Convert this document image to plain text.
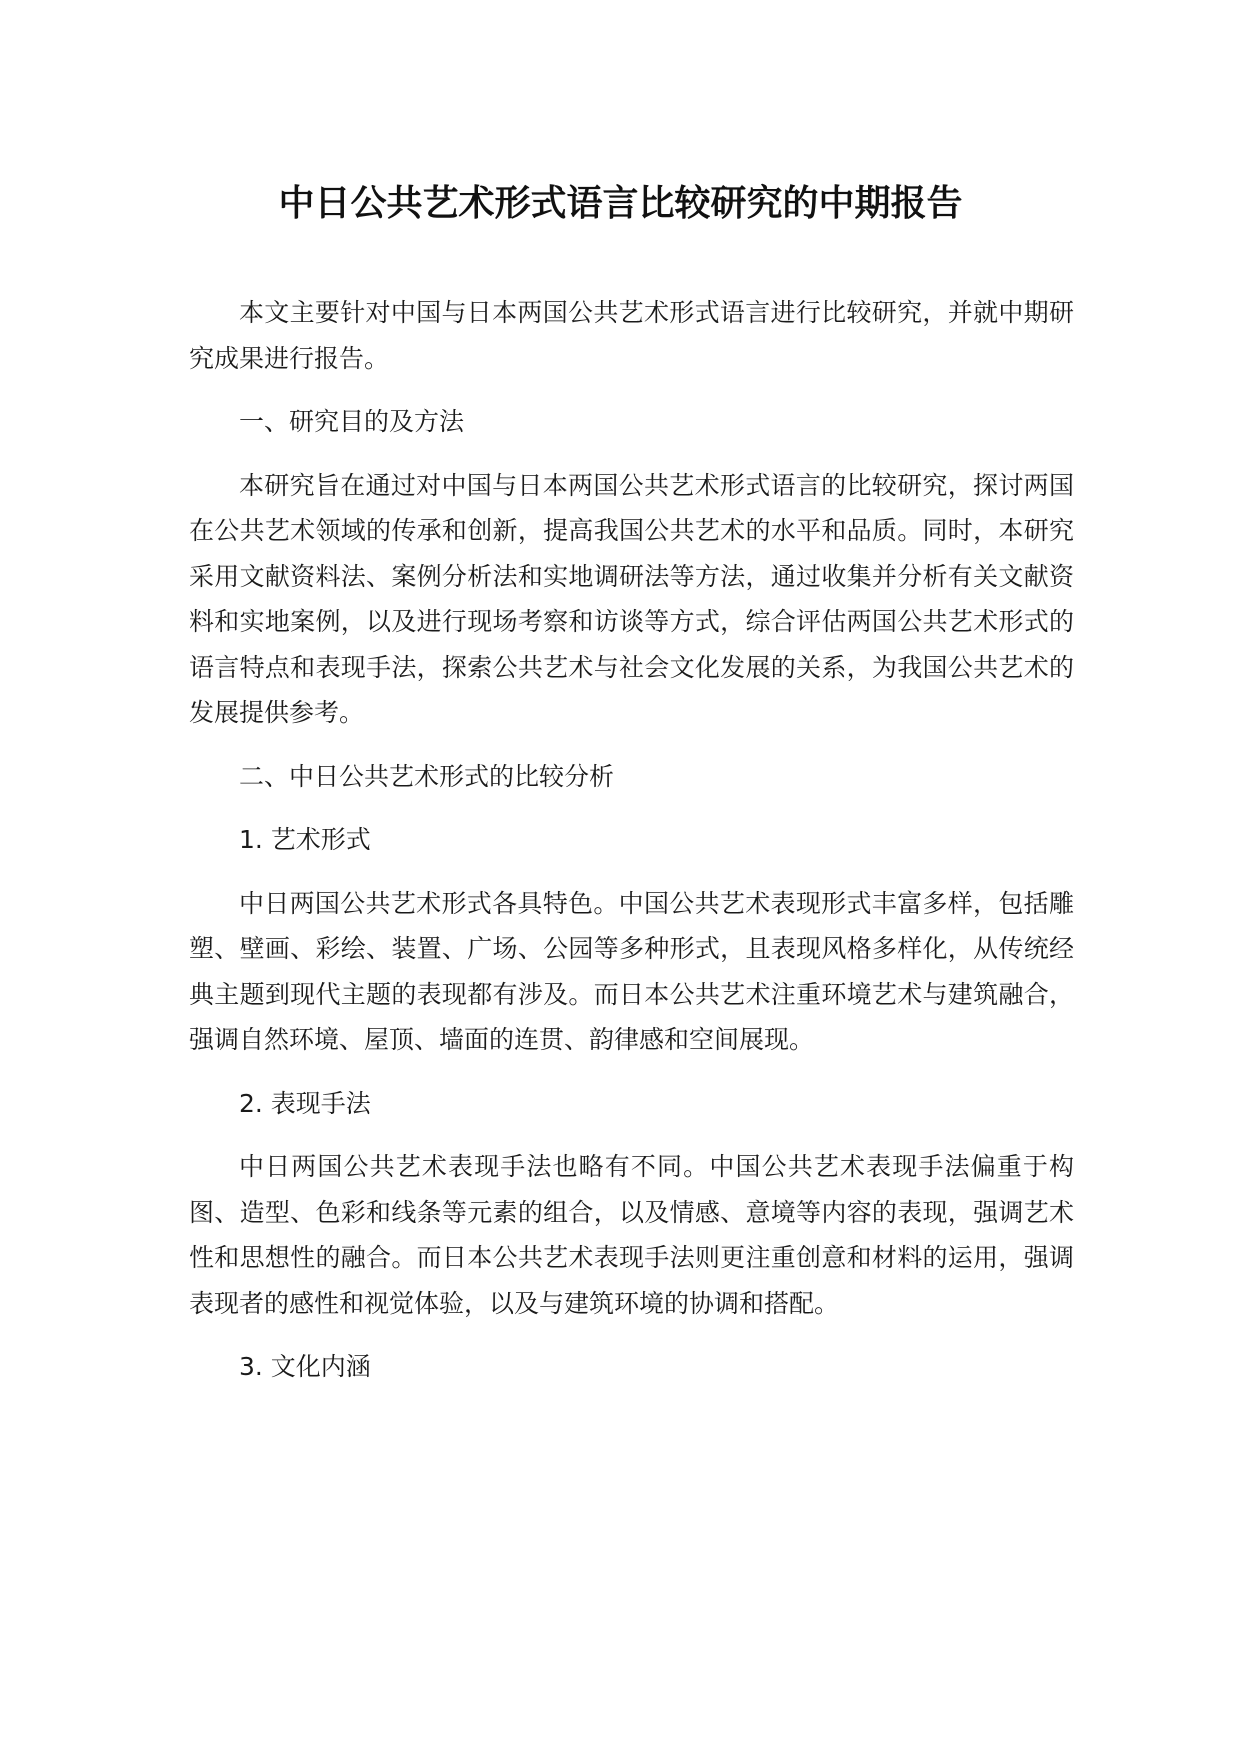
中日公共艺术形式语言比较研究的中期报告

本文主要针对中国与日本两国公共艺术形式语言进行比较研究，并就中期研究成果进行报告。

一、研究目的及方法

本研究旨在通过对中国与日本两国公共艺术形式语言的比较研究，探讨两国在公共艺术领域的传承和创新，提高我国公共艺术的水平和品质。同时，本研究采用文献资料法、案例分析法和实地调研法等方法，通过收集并分析有关文献资料和实地案例，以及进行现场考察和访谈等方式，综合评估两国公共艺术形式的语言特点和表现手法，探索公共艺术与社会文化发展的关系，为我国公共艺术的发展提供参考。

二、中日公共艺术形式的比较分析

1. 艺术形式

中日两国公共艺术形式各具特色。中国公共艺术表现形式丰富多样，包括雕塑、壁画、彩绘、装置、广场、公园等多种形式，且表现风格多样化，从传统经典主题到现代主题的表现都有涉及。而日本公共艺术注重环境艺术与建筑融合，强调自然环境、屋顶、墙面的连贯、韵律感和空间展现。

2. 表现手法

中日两国公共艺术表现手法也略有不同。中国公共艺术表现手法偏重于构图、造型、色彩和线条等元素的组合，以及情感、意境等内容的表现，强调艺术性和思想性的融合。而日本公共艺术表现手法则更注重创意和材料的运用，强调表现者的感性和视觉体验，以及与建筑环境的协调和搭配。

3. 文化内涵
